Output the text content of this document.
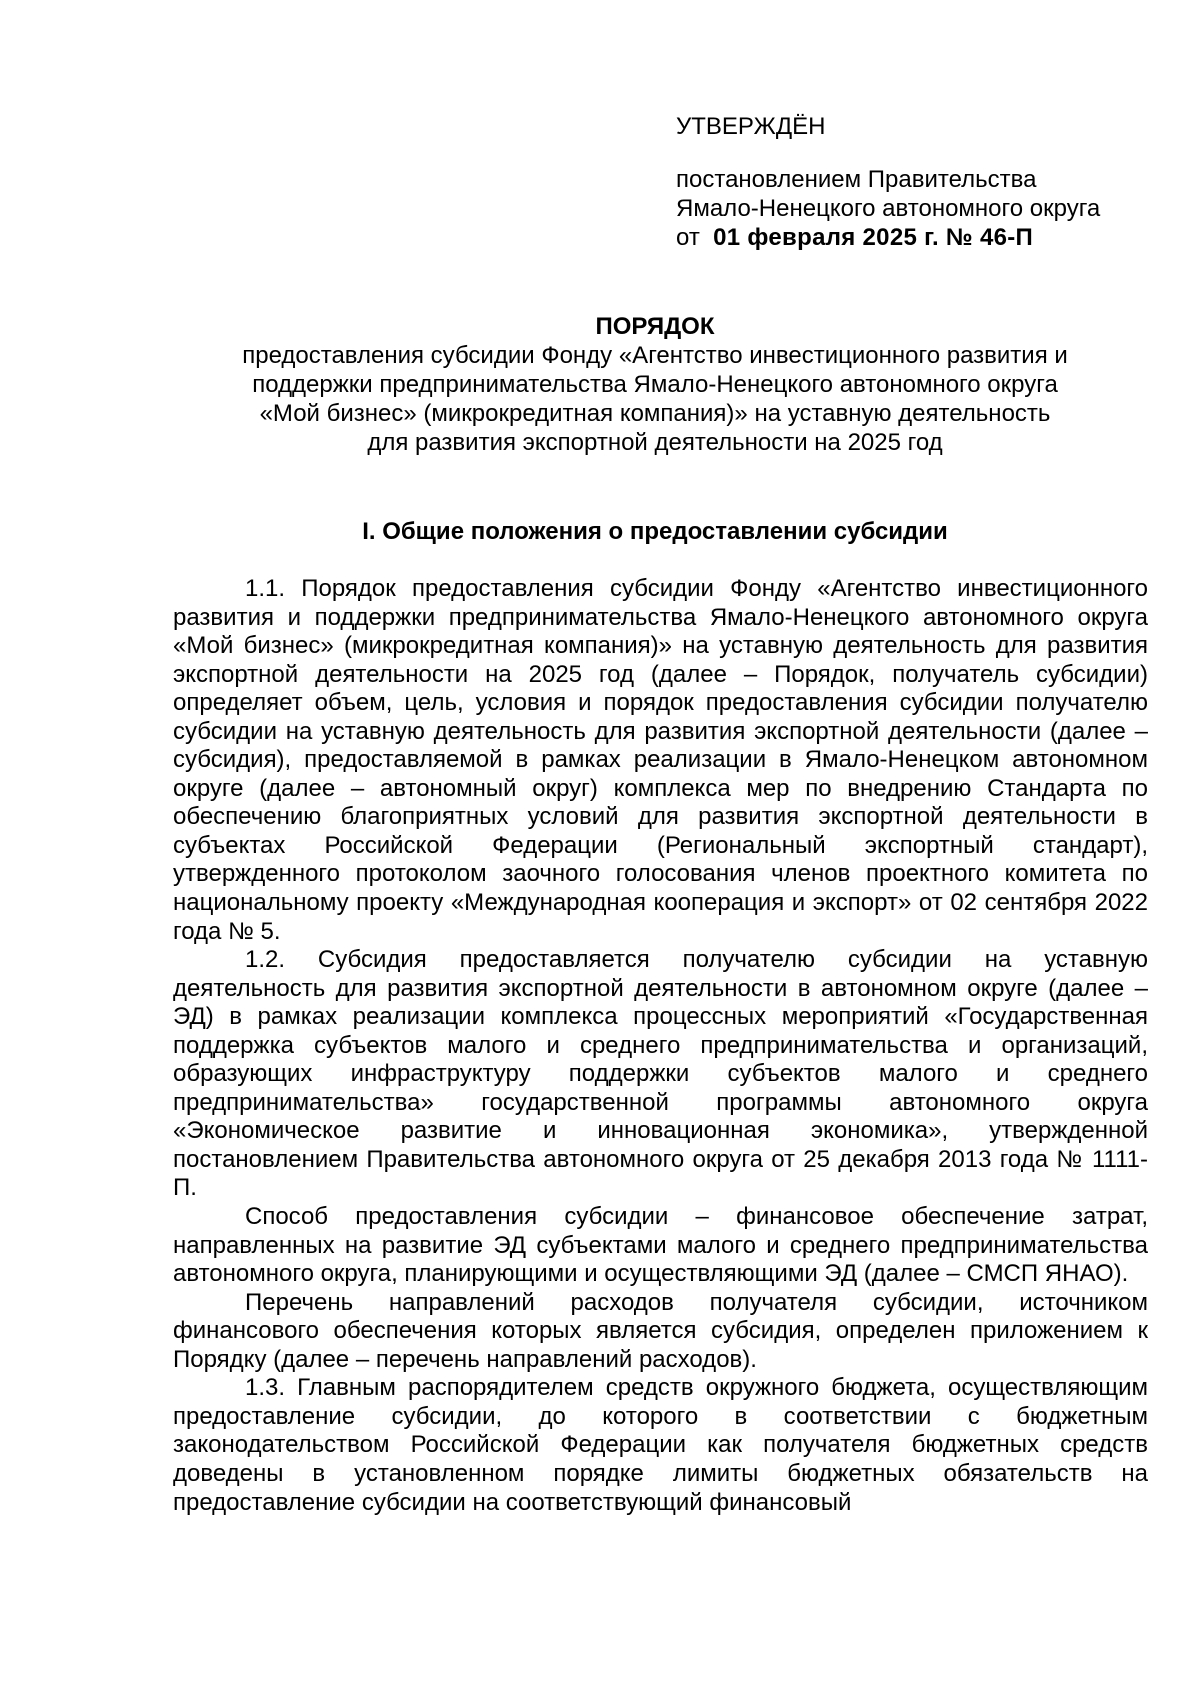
УТВЕРЖДЁН

постановлением Правительства

Ямало-Ненецкого автономного округа

от 01 февраля 2025 г. № 46-П

ПОРЯДОК

предоставления субсидии Фонду «Агентство инвестиционного развития и

поддержки предпринимательства Ямало-Ненецкого автономного округа

«Мой бизнес» (микрокредитная компания)» на уставную деятельность

для развития экспортной деятельности на 2025 год

I. Общие положения о предоставлении субсидии

1.1. Порядок предоставления субсидии Фонду «Агентство инвестиционного развития и поддержки предпринимательства Ямало-Ненецкого автономного округа «Мой бизнес» (микрокредитная компания)» на уставную деятельность для развития экспортной деятельности на 2025 год (далее – Порядок, получатель субсидии) определяет объем, цель, условия и порядок предоставления субсидии получателю субсидии на уставную деятельность для развития экспортной деятельности (далее – субсидия), предоставляемой в рамках реализации в Ямало-Ненецком автономном округе (далее – автономный округ) комплекса мер по внедрению Стандарта по обеспечению благоприятных условий для развития экспортной деятельности в субъектах Российской Федерации (Региональный экспортный стандарт), утвержденного протоколом заочного голосования членов проектного комитета по национальному проекту «Международная кооперация и экспорт» от 02 сентября 2022 года № 5.

1.2. Субсидия предоставляется получателю субсидии на уставную деятельность для развития экспортной деятельности в автономном округе (далее – ЭД) в рамках реализации комплекса процессных мероприятий «Государственная поддержка субъектов малого и среднего предпринимательства и организаций, образующих инфраструктуру поддержки субъектов малого и среднего предпринимательства» государственной программы автономного округа «Экономическое развитие и инновационная экономика», утвержденной постановлением Правительства автономного округа от 25 декабря 2013 года № 1111-П.

Способ предоставления субсидии – финансовое обеспечение затрат, направленных на развитие ЭД субъектами малого и среднего предпринимательства автономного округа, планирующими и осуществляющими ЭД (далее – СМСП ЯНАО).

Перечень направлений расходов получателя субсидии, источником финансового обеспечения которых является субсидия, определен приложением к Порядку (далее – перечень направлений расходов).

1.3. Главным распорядителем средств окружного бюджета, осуществляющим предоставление субсидии, до которого в соответствии с бюджетным законодательством Российской Федерации как получателя бюджетных средств доведены в установленном порядке лимиты бюджетных обязательств на предоставление субсидии на соответствующий финансовый
